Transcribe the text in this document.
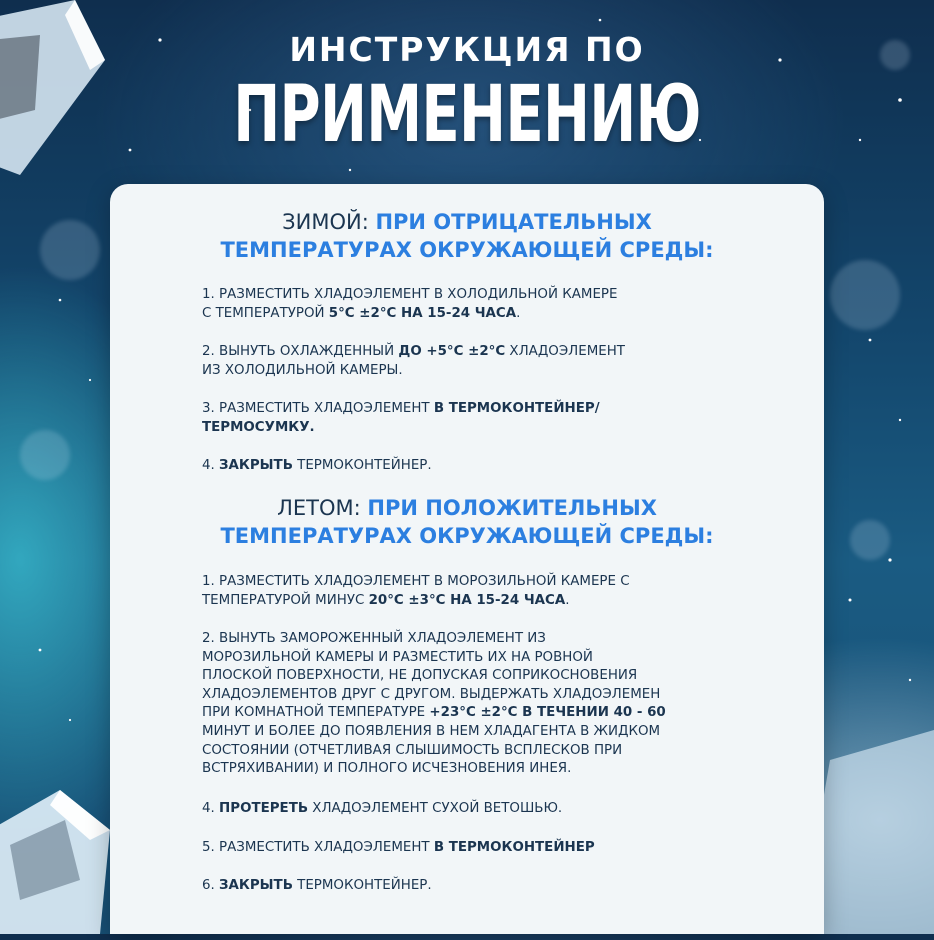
ИНСТРУКЦИЯ ПО
ПРИМЕНЕНИЮ
ЗИМОЙ: ПРИ ОТРИЦАТЕЛЬНЫХ
ТЕМПЕРАТУРАХ ОКРУЖАЮЩЕЙ СРЕДЫ:
1. РАЗМЕСТИТЬ ХЛАДОЭЛЕМЕНТ В ХОЛОДИЛЬНОЙ КАМЕРЕ
С ТЕМПЕРАТУРОЙ 5°C ±2°C НА 15-24 ЧАСА.
2. ВЫНУТЬ ОХЛАЖДЕННЫЙ ДО +5°C ±2°C ХЛАДОЭЛЕМЕНТ
ИЗ ХОЛОДИЛЬНОЙ КАМЕРЫ.
3. РАЗМЕСТИТЬ ХЛАДОЭЛЕМЕНТ В ТЕРМОКОНТЕЙНЕР/
ТЕРМОСУМКУ.
4. ЗАКРЫТЬ ТЕРМОКОНТЕЙНЕР.
ЛЕТОМ: ПРИ ПОЛОЖИТЕЛЬНЫХ
ТЕМПЕРАТУРАХ ОКРУЖАЮЩЕЙ СРЕДЫ:
1. РАЗМЕСТИТЬ ХЛАДОЭЛЕМЕНТ В МОРОЗИЛЬНОЙ КАМЕРЕ С
ТЕМПЕРАТУРОЙ МИНУС 20°C ±3°C НА 15-24 ЧАСА.
2. ВЫНУТЬ ЗАМОРОЖЕННЫЙ ХЛАДОЭЛЕМЕНТ ИЗ
МОРОЗИЛЬНОЙ КАМЕРЫ И РАЗМЕСТИТЬ ИХ НА РОВНОЙ
ПЛОСКОЙ ПОВЕРХНОСТИ, НЕ ДОПУСКАЯ СОПРИКОСНОВЕНИЯ
ХЛАДОЭЛЕМЕНТОВ ДРУГ С ДРУГОМ. ВЫДЕРЖАТЬ ХЛАДОЭЛЕМЕН
ПРИ КОМНАТНОЙ ТЕМПЕРАТУРЕ +23°C ±2°C В ТЕЧЕНИИ 40 - 60
МИНУТ И БОЛЕЕ ДО ПОЯВЛЕНИЯ В НЕМ ХЛАДАГЕНТА В ЖИДКОМ
СОСТОЯНИИ (ОТЧЕТЛИВАЯ СЛЫШИМОСТЬ ВСПЛЕСКОВ ПРИ
ВСТРЯХИВАНИИ) И ПОЛНОГО ИСЧЕЗНОВЕНИЯ ИНЕЯ.
4. ПРОТЕРЕТЬ ХЛАДОЭЛЕМЕНТ СУХОЙ ВЕТОШЬЮ.
5. РАЗМЕСТИТЬ ХЛАДОЭЛЕМЕНТ В ТЕРМОКОНТЕЙНЕР
6. ЗАКРЫТЬ ТЕРМОКОНТЕЙНЕР.
